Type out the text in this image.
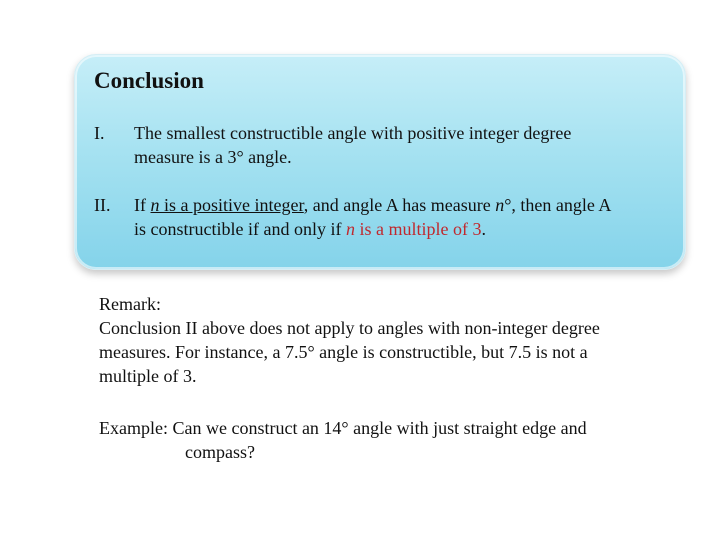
Conclusion
I. The smallest constructible angle with positive integer degree
measure is a 3° angle.
II. If n is a positive integer, and angle A has measure n°, then angle A
is constructible if and only if n is a multiple of 3.
Remark:
Conclusion II above does not apply to angles with non-integer degree
measures. For instance, a 7.5° angle is constructible, but 7.5 is not a
multiple of 3.
Example: Can we construct an 14° angle with just straight edge and
compass?
